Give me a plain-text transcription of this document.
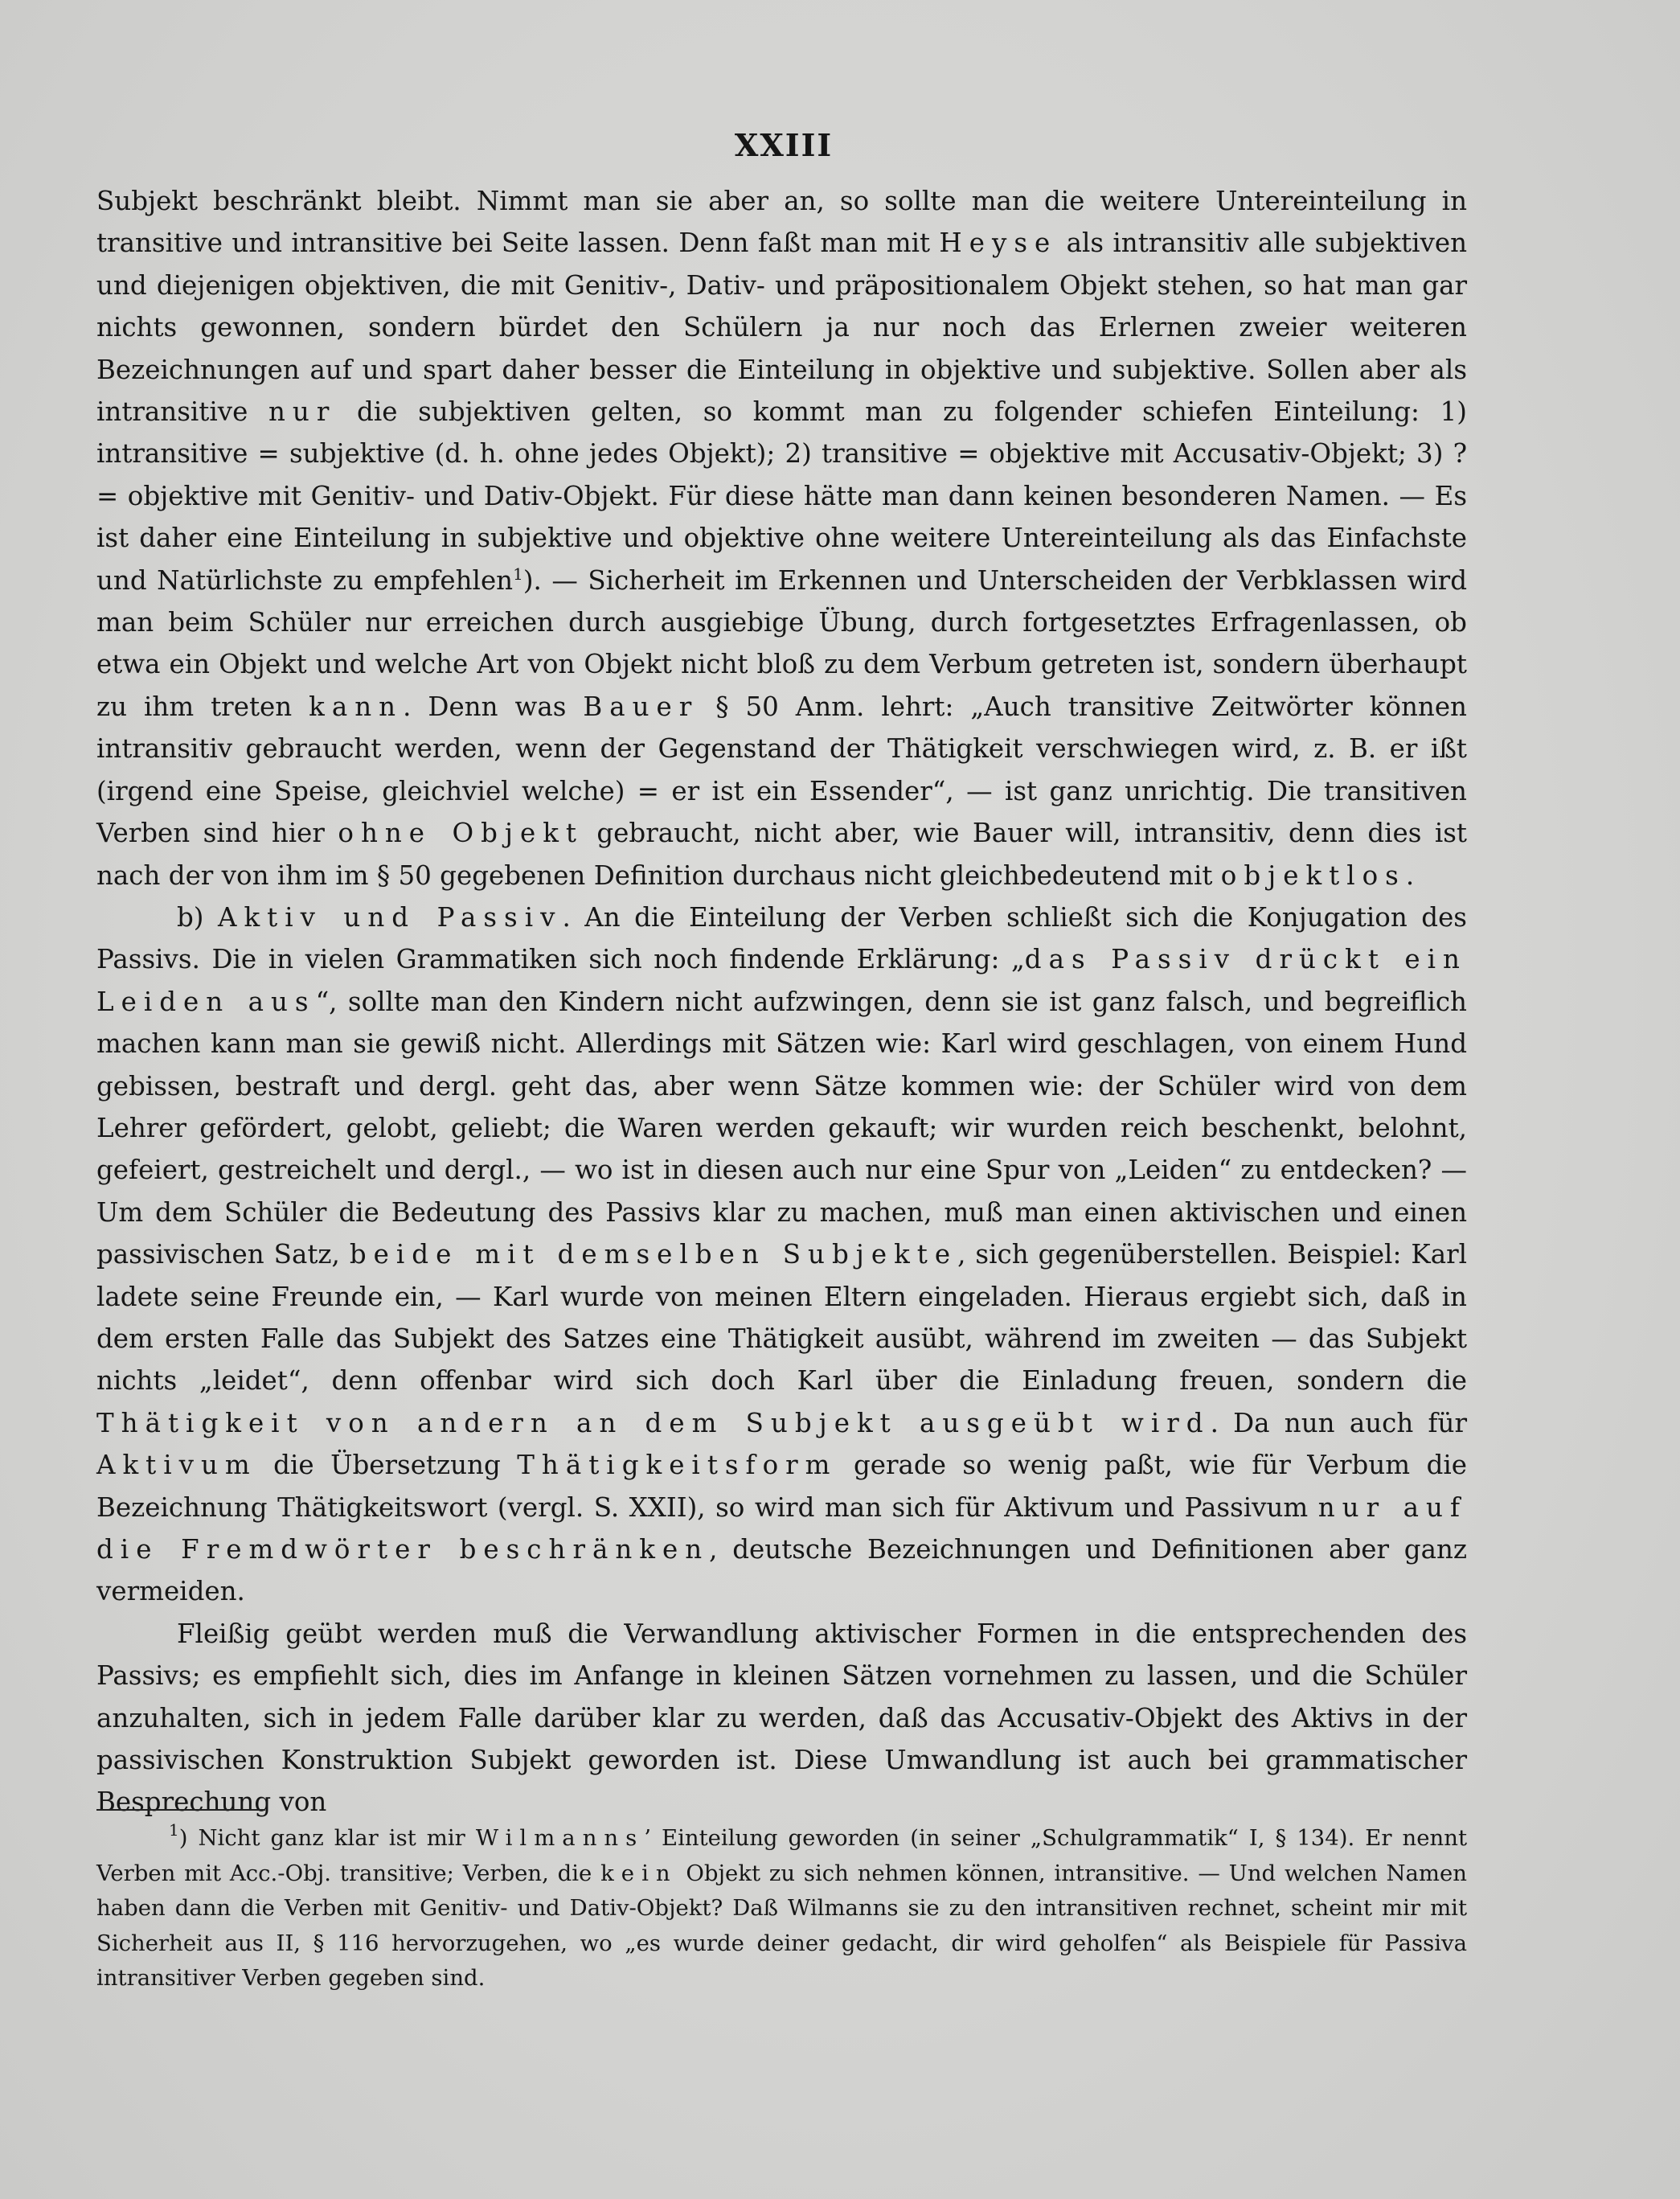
XXIII

Subjekt beschränkt bleibt. Nimmt man sie aber an, so sollte man die weitere Untereinteilung in transitive und intransitive bei Seite lassen. Denn faßt man mit Heyse als intransitiv alle subjektiven und diejenigen objektiven, die mit Genitiv-, Dativ- und präpositionalem Objekt stehen, so hat man gar nichts gewonnen, sondern bürdet den Schülern ja nur noch das Erlernen zweier weiteren Bezeichnungen auf und spart daher besser die Einteilung in objektive und subjektive. Sollen aber als intransitive nur die subjektiven gelten, so kommt man zu folgender schiefen Einteilung: 1) intransitive = subjektive (d. h. ohne jedes Objekt); 2) transitive = objektive mit Accusativ-Objekt; 3) ? = objektive mit Genitiv- und Dativ-Objekt. Für diese hätte man dann keinen besonderen Namen. — Es ist daher eine Einteilung in subjektive und objektive ohne weitere Untereinteilung als das Einfachste und Natürlichste zu empfehlen$^1$). — Sicherheit im Erkennen und Unterscheiden der Verbklassen wird man beim Schüler nur erreichen durch ausgiebige Übung, durch fortgesetztes Erfragenlassen, ob etwa ein Objekt und welche Art von Objekt nicht bloß zu dem Verbum getreten ist, sondern überhaupt zu ihm treten kann. Denn was Bauer § 50 Anm. lehrt: „Auch transitive Zeitwörter können intransitiv gebraucht werden, wenn der Gegenstand der Thätigkeit verschwiegen wird, z. B. er ißt (irgend eine Speise, gleichviel welche) = er ist ein Essender“, — ist ganz unrichtig. Die transitiven Verben sind hier ohne Objekt gebraucht, nicht aber, wie Bauer will, intransitiv, denn dies ist nach der von ihm im § 50 gegebenen Definition durchaus nicht gleichbedeutend mit objektlos.

b) Aktiv und Passiv. An die Einteilung der Verben schließt sich die Konjugation des Passivs. Die in vielen Grammatiken sich noch findende Erklärung: „das Passiv drückt ein Leiden aus“, sollte man den Kindern nicht aufzwingen, denn sie ist ganz falsch, und begreiflich machen kann man sie gewiß nicht. Allerdings mit Sätzen wie: Karl wird geschlagen, von einem Hund gebissen, bestraft und dergl. geht das, aber wenn Sätze kommen wie: der Schüler wird von dem Lehrer gefördert, gelobt, geliebt; die Waren werden gekauft; wir wurden reich beschenkt, belohnt, gefeiert, gestreichelt und dergl., — wo ist in diesen auch nur eine Spur von „Leiden“ zu entdecken? — Um dem Schüler die Bedeutung des Passivs klar zu machen, muß man einen aktivischen und einen passivischen Satz, beide mit demselben Subjekte, sich gegenüberstellen. Beispiel: Karl ladete seine Freunde ein, — Karl wurde von meinen Eltern eingeladen. Hieraus ergiebt sich, daß in dem ersten Falle das Subjekt des Satzes eine Thätigkeit ausübt, während im zweiten — das Subjekt nichts „leidet“, denn offenbar wird sich doch Karl über die Einladung freuen, sondern die Thätigkeit von andern an dem Subjekt ausgeübt wird. Da nun auch für Aktivum die Übersetzung Thätigkeitsform gerade so wenig paßt, wie für Verbum die Bezeichnung Thätigkeitswort (vergl. S. XXII), so wird man sich für Aktivum und Passivum nur auf die Fremdwörter beschränken, deutsche Bezeichnungen und Definitionen aber ganz vermeiden.

Fleißig geübt werden muß die Verwandlung aktivischer Formen in die entsprechenden des Passivs; es empfiehlt sich, dies im Anfange in kleinen Sätzen vornehmen zu lassen, und die Schüler anzuhalten, sich in jedem Falle darüber klar zu werden, daß das Accusativ-Objekt des Aktivs in der passivischen Konstruktion Subjekt geworden ist. Diese Umwandlung ist auch bei grammatischer Besprechung von

$^1$) Nicht ganz klar ist mir Wilmanns’ Einteilung geworden (in seiner „Schulgrammatik“ I, § 134). Er nennt Verben mit Acc.-Obj. transitive; Verben, die kein Objekt zu sich nehmen können, intransitive. — Und welchen Namen haben dann die Verben mit Genitiv- und Dativ-Objekt? Daß Wilmanns sie zu den intransitiven rechnet, scheint mir mit Sicherheit aus II, § 116 hervorzugehen, wo „es wurde deiner gedacht, dir wird geholfen“ als Beispiele für Passiva intransitiver Verben gegeben sind.
